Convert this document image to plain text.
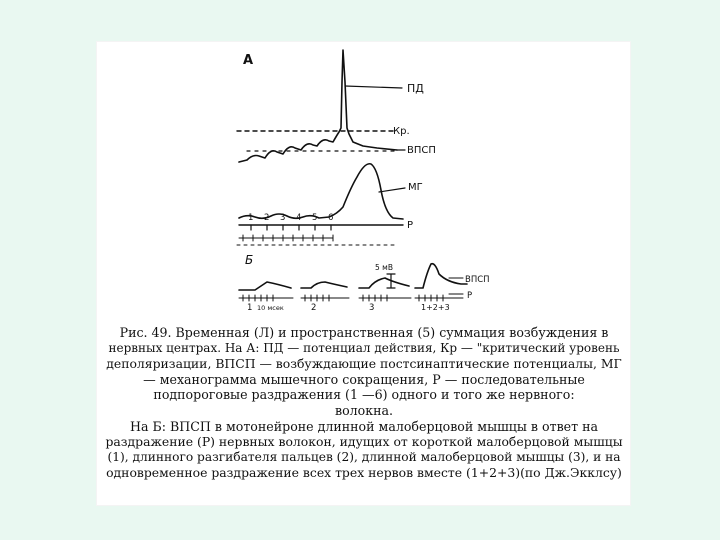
А
ПД
Кр.
ВПСП
МГ
Р
1 2 3 4 5 6
Б
5 мВ
ВПСП
Р
1 10 мсек	2	3	1+2+3
Рис. 49. Временная (Л) и пространственная (5) суммация возбуждения в
нервных центрах. На А: ПД — потенциал действия, Кр — "критический уровень
деполяризации, ВПСП — возбуждающие постсинаптические потенциалы, МГ
— механограмма мышечного сокращения, Р — последовательные
подпороговые раздражения (1 —6) одного и того же нервного:
волокна.
На Б: ВПСП в мотонейроне длинной малоберцовой мышцы в ответ на
раздражение (Р) нервных волокон, идущих от короткой малоберцовой мышцы
(1), длинного разгибателя пальцев (2), длинной малоберцовой мышцы (3), и на
одновременное раздражение всех трех нервов вместе (1+2+3)(по Дж.Экклсу)
